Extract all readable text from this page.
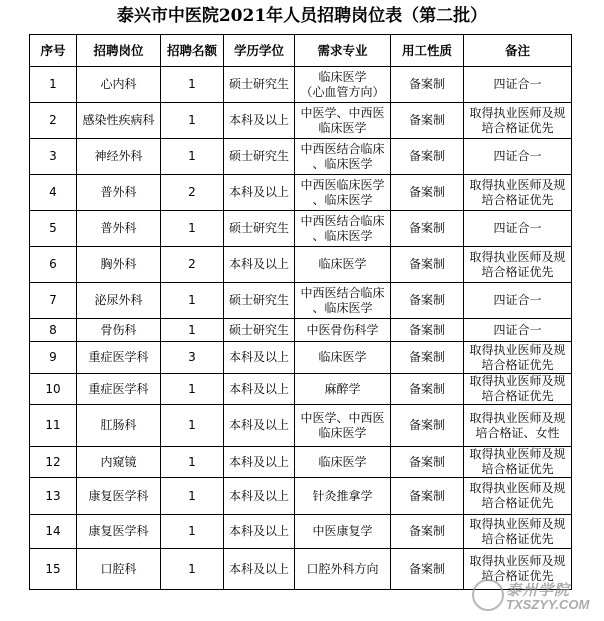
泰兴市中医院2021年人员招聘岗位表（第二批）
序号	招聘岗位	招聘名额	学历学位	需求专业	用工性质	备注
1	心内科	1	硕士研究生	临床医学
（心血管方向）	备案制	四证合一
2	感染性疾病科	1	本科及以上	中医学、中西医
临床医学	备案制	取得执业医师及规
培合格证优先
3	神经外科	1	硕士研究生	中西医结合临床
、临床医学	备案制	四证合一
4	普外科	2	本科及以上	中西医临床医学
、临床医学	备案制	取得执业医师及规
培合格证优先
5	普外科	1	硕士研究生	中西医结合临床
、临床医学	备案制	四证合一
6	胸外科	2	本科及以上	临床医学	备案制	取得执业医师及规
培合格证优先
7	泌尿外科	1	硕士研究生	中西医结合临床
、临床医学	备案制	四证合一
8	骨伤科	1	硕士研究生	中医骨伤科学	备案制	四证合一
9	重症医学科	3	本科及以上	临床医学	备案制	取得执业医师及规
培合格证优先
10	重症医学科	1	本科及以上	麻醉学	备案制	取得执业医师及规
培合格证优先
11	肛肠科	1	本科及以上	中医学、中西医
临床医学	备案制	取得执业医师及规
培合格证、女性
12	内窥镜	1	本科及以上	临床医学	备案制	取得执业医师及规
培合格证优先
13	康复医学科	1	本科及以上	针灸推拿学	备案制	取得执业医师及规
培合格证优先
14	康复医学科	1	本科及以上	中医康复学	备案制	取得执业医师及规
培合格证优先
15	口腔科	1	本科及以上	口腔外科方向	备案制	取得执业医师及规
培合格证优先
泰州学院
TXSZYY.COM
